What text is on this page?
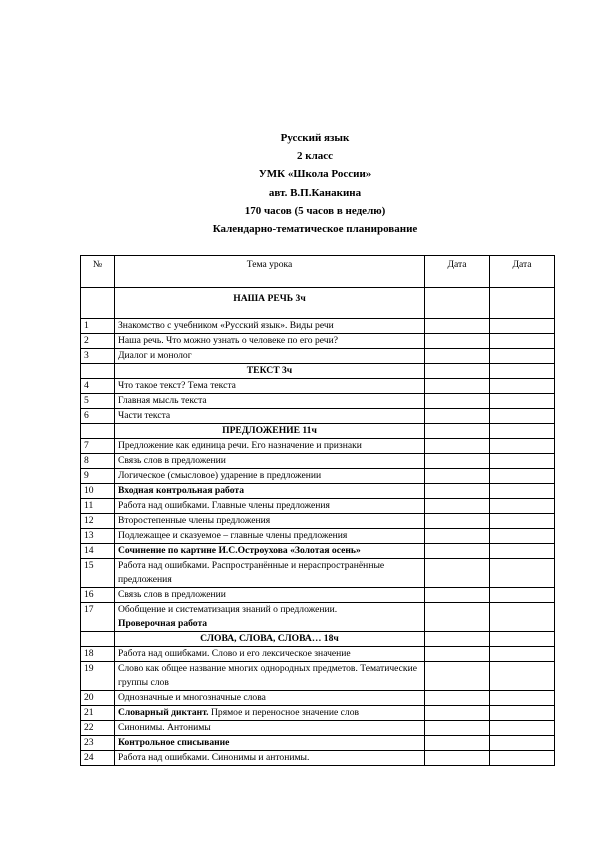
Русский язык
2 класс
УМК «Школа России»
авт. В.П.Канакина
170 часов (5 часов в неделю)
Календарно-тематическое планирование
№	Тема урока	Дата	Дата
	НАША РЕЧЬ 3ч		
1	Знакомство с учебником «Русский язык». Виды речи		
2	Наша речь. Что можно узнать о человеке по его речи?		
3	Диалог и монолог		
	ТЕКСТ 3ч		
4	Что такое текст? Тема текста		
5	Главная мысль текста		
6	Части текста		
	ПРЕДЛОЖЕНИЕ 11ч		
7	Предложение как единица речи. Его назначение и признаки		
8	Связь слов в предложении		
9	Логическое (смысловое) ударение в предложении		
10	Входная контрольная работа		
11	Работа над ошибками. Главные члены предложения		
12	Второстепенные члены предложения		
13	Подлежащее и сказуемое – главные члены предложения		
14	Сочинение по картине И.С.Остроухова «Золотая осень»		
15	Работа над ошибками. Распространённые и нераспространённые предложения		
16	Связь слов в предложении		
17	Обобщение и систематизация знаний о предложении.
Проверочная работа		
	СЛОВА, СЛОВА, СЛОВА… 18ч		
18	Работа над ошибками. Слово и его лексическое значение		
19	Слово как общее название многих однородных предметов. Тематические группы слов		
20	Однозначные и многозначные слова		
21	Словарный диктант. Прямое и переносное значение слов		
22	Синонимы. Антонимы		
23	Контрольное списывание		
24	Работа над ошибками. Синонимы и антонимы.		
